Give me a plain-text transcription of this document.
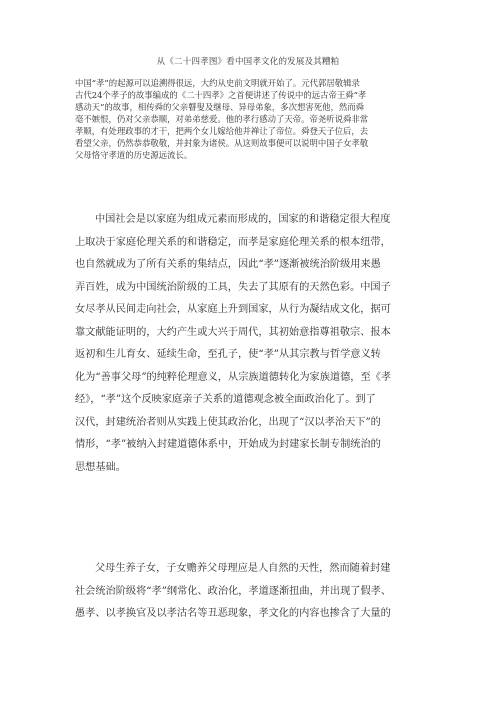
从《二十四孝图》看中国孝文化的发展及其糟粕

中国“孝”的起源可以追溯得很远，大约从史前文明就开始了。元代郭居敬辑录
古代24个孝子的故事编成的《二十四孝》之首便讲述了传说中的远古帝王舜“孝
感动天”的故事，相传舜的父亲瞽叟及继母、异母弟象，多次想害死他，然而舜
毫不嫉恨，仍对父亲恭顺，对弟弟慈爱。他的孝行感动了天帝。帝尧听说舜非常
孝顺，有处理政事的才干，把两个女儿嫁给他并禅让了帝位。舜登天子位后，去
看望父亲，仍然恭恭敬敬，并封象为诸侯。从这则故事便可以说明中国子女孝敬
父母恪守孝道的历史源远流长。

中国社会是以家庭为组成元素而形成的，国家的和谐稳定很大程度
上取决于家庭伦理关系的和谐稳定，而孝是家庭伦理关系的根本纽带，
也自然就成为了所有关系的集结点，因此“孝”逐渐被统治阶级用来愚
弄百姓，成为中国统治阶级的工具，失去了其原有的天然色彩。中国子
女尽孝从民间走向社会，从家庭上升到国家，从行为凝结成文化，据可
靠文献能证明的，大约产生或大兴于周代，其初始意指尊祖敬宗、报本
返初和生儿育女、延续生命，至孔子，使“孝”从其宗教与哲学意义转
化为“善事父母”的纯粹伦理意义，从宗族道德转化为家族道德，至《孝
经》，“孝”这个反映家庭亲子关系的道德观念被全面政治化了。到了
汉代，封建统治者则从实践上使其政治化，出现了“汉以孝治天下”的
情形，“孝”被纳入封建道德体系中，开始成为封建家长制专制统治的
思想基础。

父母生养子女，子女赡养父母理应是人自然的天性，然而随着封建
社会统治阶级将“孝”纲常化、政治化，孝道逐渐扭曲，并出现了假孝、
愚孝、以孝换官及以孝沽名等丑恶现象，孝文化的内容也掺含了大量的
